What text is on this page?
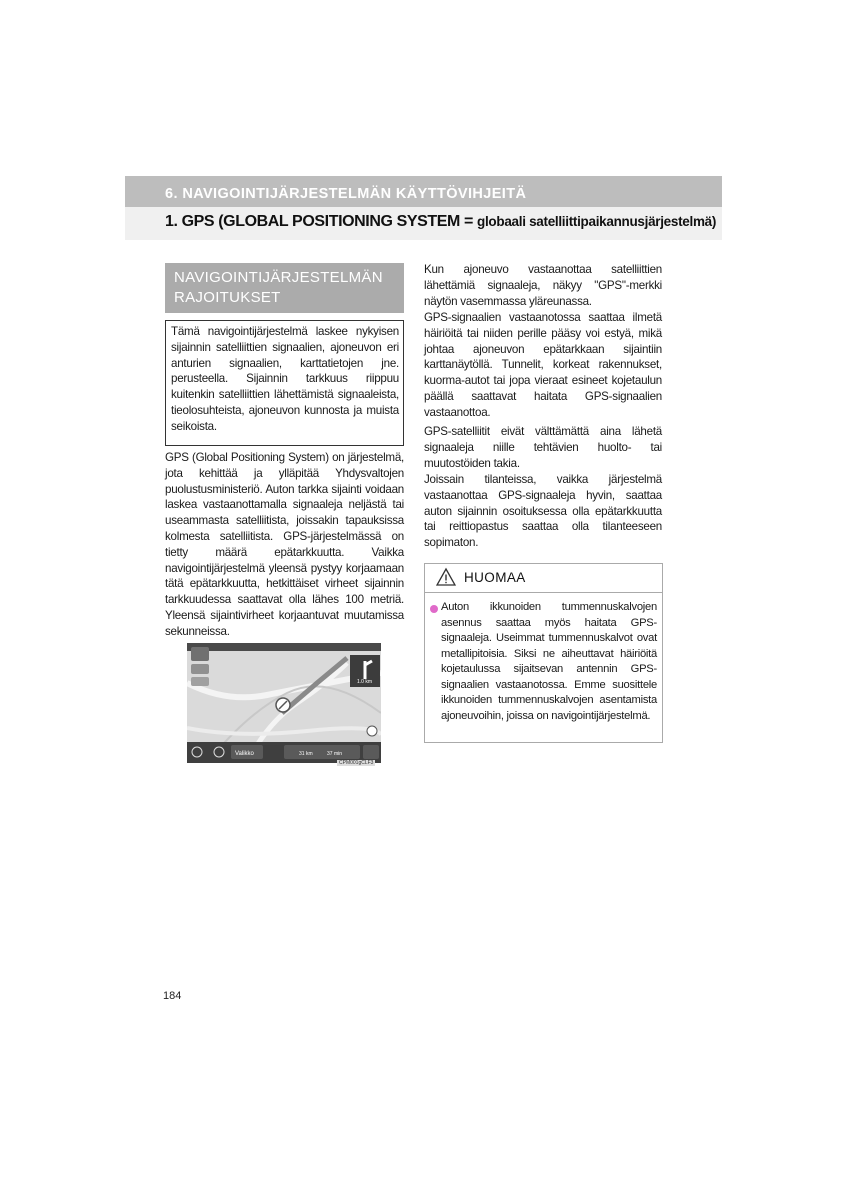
6. NAVIGOINTIJÄRJESTELMÄN KÄYTTÖVIHJEITÄ
1. GPS (GLOBAL POSITIONING SYSTEM = globaali satelliittipaikannusjärjestelmä)
NAVIGOINTIJÄRJESTELMÄN RAJOITUKSET
Tämä navigointijärjestelmä laskee nykyisen sijainnin satelliittien signaalien, ajoneuvon eri anturien signaalien, karttatietojen jne. perusteella. Sijainnin tarkkuus riippuu kuitenkin satelliittien lähettämistä signaaleista, tieolosuhteista, ajoneuvon kunnosta ja muista seikoista.
GPS (Global Positioning System) on järjestelmä, jota kehittää ja ylläpitää Yhdysvaltojen puolustusministeriö. Auton tarkka sijainti voidaan laskea vastaanottamalla signaaleja neljästä tai useammasta satelliitista, joissakin tapauksissa kolmesta satelliitista. GPS-järjestelmässä on tietty määrä epätarkkuutta. Vaikka navigointijärjestelmä yleensä pystyy korjaamaan tätä epätarkkuutta, hetkittäiset virheet sijainnin tarkkuudessa saattavat olla lähes 100 metriä. Yleensä sijaintivirheet korjaantuvat muutamissa sekunneissa.
1.0 km
Valikko	31 km	37 min
CPM001gCLF3
Kun ajoneuvo vastaanottaa satelliittien lähettämiä signaaleja, näkyy "GPS"-merkki näytön vasemmassa yläreunassa.
GPS-signaalien vastaanotossa saattaa ilmetä häiriöitä tai niiden perille pääsy voi estyä, mikä johtaa ajoneuvon epätarkkaan sijaintiin karttanäytöllä. Tunnelit, korkeat rakennukset, kuorma-autot tai jopa vieraat esineet kojetaulun päällä saattavat haitata GPS-signaalien vastaanottoa.
GPS-satelliitit eivät välttämättä aina lähetä signaaleja niille tehtävien huolto- tai muutostöiden takia.
Joissain tilanteissa, vaikka järjestelmä vastaanottaa GPS-signaaleja hyvin, saattaa auton sijainnin osoituksessa olla epätarkkuutta tai reittiopastus saattaa olla tilanteeseen sopimaton.
HUOMAA
Auton ikkunoiden tummennuskalvojen asennus saattaa myös haitata GPS-signaaleja. Useimmat tummennuskalvot ovat metallipitoisia. Siksi ne aiheuttavat häiriöitä kojetaulussa sijaitsevan antennin GPS-signaalien vastaanotossa. Emme suosittele ikkunoiden tummennuskalvojen asentamista ajoneuvoihin, joissa on navigointijärjestelmä.
184
